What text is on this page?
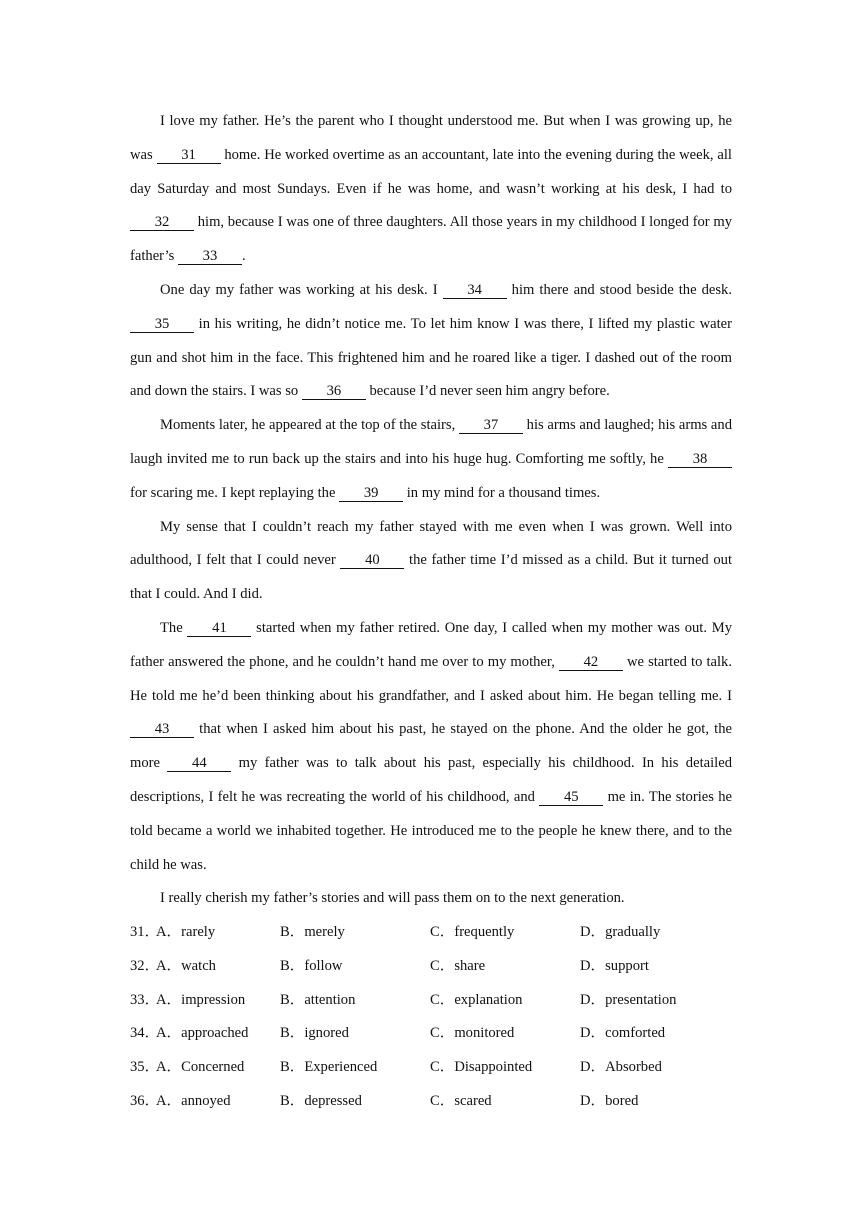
I love my father. He’s the parent who I thought understood me. But when I was growing up, he was 31 home. He worked overtime as an accountant, late into the evening during the week, all day Saturday and most Sundays. Even if he was home, and wasn’t working at his desk, I had to 32 him, because I was one of three daughters. All those years in my childhood I longed for my father’s 33 .

One day my father was working at his desk. I 34 him there and stood beside the desk. 35 in his writing, he didn’t notice me. To let him know I was there, I lifted my plastic water gun and shot him in the face. This frightened him and he roared like a tiger. I dashed out of the room and down the stairs. I was so 36 because I’d never seen him angry before.

Moments later, he appeared at the top of the stairs, 37 his arms and laughed; his arms and laugh invited me to run back up the stairs and into his huge hug. Comforting me softly, he 38 for scaring me. I kept replaying the 39 in my mind for a thousand times.

My sense that I couldn’t reach my father stayed with me even when I was grown. Well into adulthood, I felt that I could never 40 the father time I’d missed as a child. But it turned out that I could. And I did.

The 41 started when my father retired. One day, I called when my mother was out. My father answered the phone, and he couldn’t hand me over to my mother, 42 we started to talk. He told me he’d been thinking about his grandfather, and I asked about him. He began telling me. I 43 that when I asked him about his past, he stayed on the phone. And the older he got, the more 44 my father was to talk about his past, especially his childhood. In his detailed descriptions, I felt he was recreating the world of his childhood, and 45 me in. The stories he told became a world we inhabited together. He introduced me to the people he knew there, and to the child he was.

I really cherish my father’s stories and will pass them on to the next generation.

31．
A．rarely	B．merely	C．frequently	D．gradually
32．
A．watch	B．follow	C．share	D．support
33．
A．impression B．attention	C．explanation	D．presentation
34．
A．approached B．ignored	C．monitored	D．comforted
35．
A．Concerned B．Experienced	C．Disappointed	D．Absorbed
36．
A．annoyed	B．depressed	C．scared	D．bored
